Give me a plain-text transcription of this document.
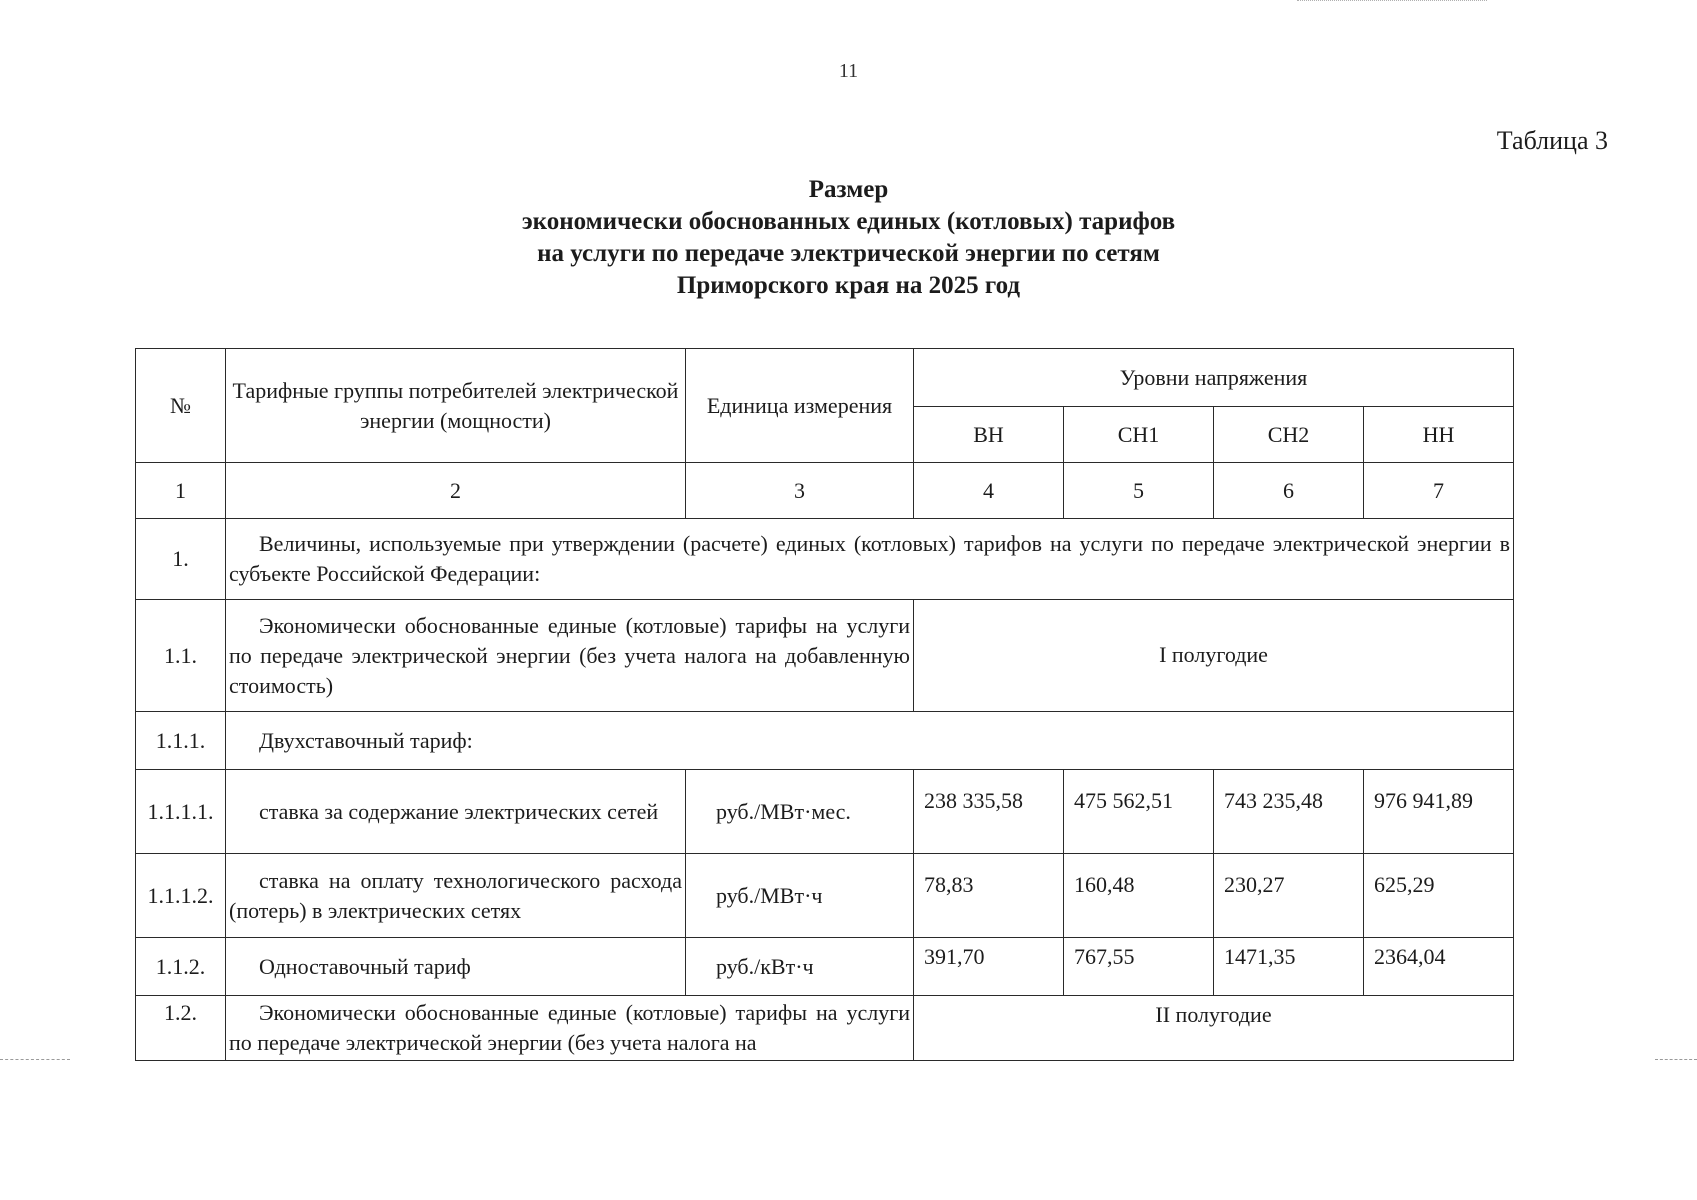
11
Таблица 3
Размер
экономически обоснованных единых (котловых) тарифов
на услуги по передаче электрической энергии по сетям
Приморского края на 2025 год
№	Тарифные группы потребителей электрической энергии (мощности)	Единица измерения	Уровни напряжения			
			ВН	СН1	СН2	НН
1	2	3	4	5	6	7
1.	Величины, используемые при утверждении (расчете) единых (котловых) тарифов на услуги по передаче электрической энергии в субъекте Российской Федерации:					
1.1.	Экономически обоснованные единые (котловые) тарифы на услуги по передаче электрической энергии (без учета налога на добавленную стоимость)		I полугодие			
1.1.1.	Двухставочный тариф:					
1.1.1.1.	ставка за содержание электрических сетей	руб./МВт·мес.	238 335,58	475 562,51	743 235,48	976 941,89
1.1.1.2.	ставка на оплату технологического расхода (потерь) в электрических сетях	руб./МВт·ч	78,83	160,48	230,27	625,29
1.1.2.	Одноставочный тариф	руб./кВт·ч	391,70	767,55	1471,35	2364,04
1.2.	Экономически обоснованные единые (котловые) тарифы на услуги по передаче электрической энергии (без учета налога на		II полугодие			
